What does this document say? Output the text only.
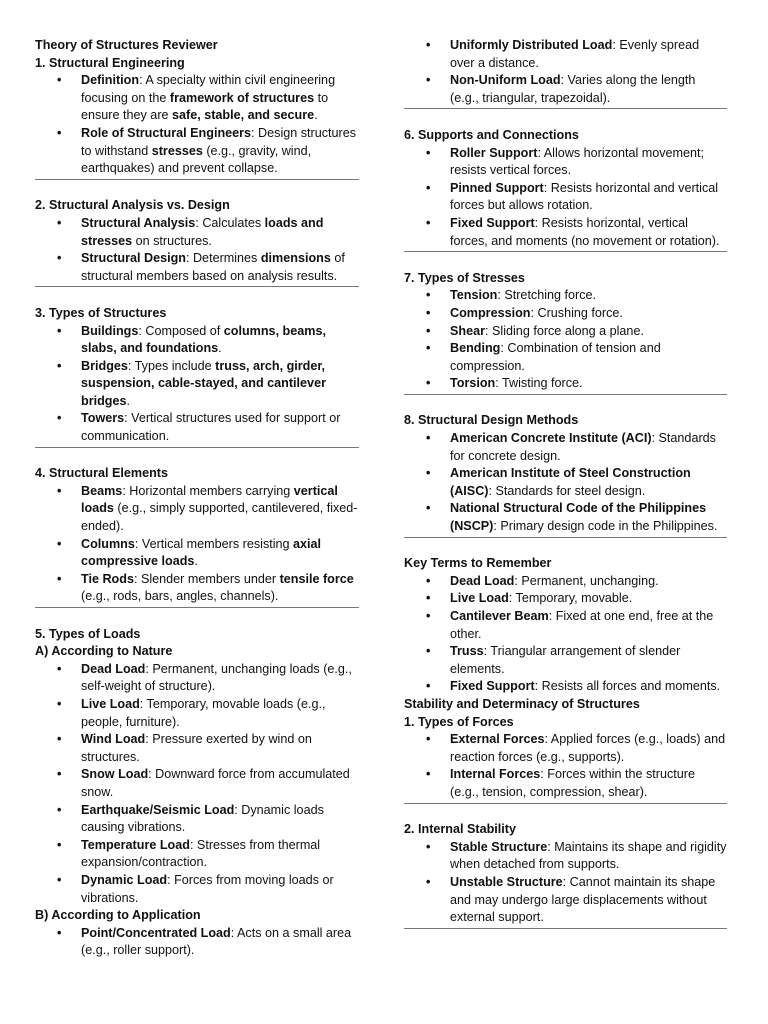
Theory of Structures Reviewer

1. Structural Engineering

• Definition: A specialty within civil engineering focusing on the framework of structures to ensure they are safe, stable, and secure.
• Role of Structural Engineers: Design structures to withstand stresses (e.g., gravity, wind, earthquakes) and prevent collapse.

2. Structural Analysis vs. Design

• Structural Analysis: Calculates loads and stresses on structures.
• Structural Design: Determines dimensions of structural members based on analysis results.

3. Types of Structures

• Buildings: Composed of columns, beams, slabs, and foundations.
• Bridges: Types include truss, arch, girder, suspension, cable-stayed, and cantilever bridges.
• Towers: Vertical structures used for support or communication.

4. Structural Elements

• Beams: Horizontal members carrying vertical loads (e.g., simply supported, cantilevered, fixed-ended).
• Columns: Vertical members resisting axial compressive loads.
• Tie Rods: Slender members under tensile force (e.g., rods, bars, angles, channels).

5. Types of Loads

A) According to Nature

• Dead Load: Permanent, unchanging loads (e.g., self-weight of structure).
• Live Load: Temporary, movable loads (e.g., people, furniture).
• Wind Load: Pressure exerted by wind on structures.
• Snow Load: Downward force from accumulated snow.
• Earthquake/Seismic Load: Dynamic loads causing vibrations.
• Temperature Load: Stresses from thermal expansion/contraction.
• Dynamic Load: Forces from moving loads or vibrations.

B) According to Application

• Point/Concentrated Load: Acts on a small area (e.g., roller support).
• Uniformly Distributed Load: Evenly spread over a distance.
• Non-Uniform Load: Varies along the length (e.g., triangular, trapezoidal).

6. Supports and Connections

• Roller Support: Allows horizontal movement; resists vertical forces.
• Pinned Support: Resists horizontal and vertical forces but allows rotation.
• Fixed Support: Resists horizontal, vertical forces, and moments (no movement or rotation).

7. Types of Stresses

• Tension: Stretching force.
• Compression: Crushing force.
• Shear: Sliding force along a plane.
• Bending: Combination of tension and compression.
• Torsion: Twisting force.

8. Structural Design Methods

• American Concrete Institute (ACI): Standards for concrete design.
• American Institute of Steel Construction (AISC): Standards for steel design.
• National Structural Code of the Philippines (NSCP): Primary design code in the Philippines.

Key Terms to Remember

• Dead Load: Permanent, unchanging.
• Live Load: Temporary, movable.
• Cantilever Beam: Fixed at one end, free at the other.
• Truss: Triangular arrangement of slender elements.
• Fixed Support: Resists all forces and moments.

Stability and Determinacy of Structures

1. Types of Forces

• External Forces: Applied forces (e.g., loads) and reaction forces (e.g., supports).
• Internal Forces: Forces within the structure (e.g., tension, compression, shear).

2. Internal Stability

• Stable Structure: Maintains its shape and rigidity when detached from supports.
• Unstable Structure: Cannot maintain its shape and may undergo large displacements without external support.
